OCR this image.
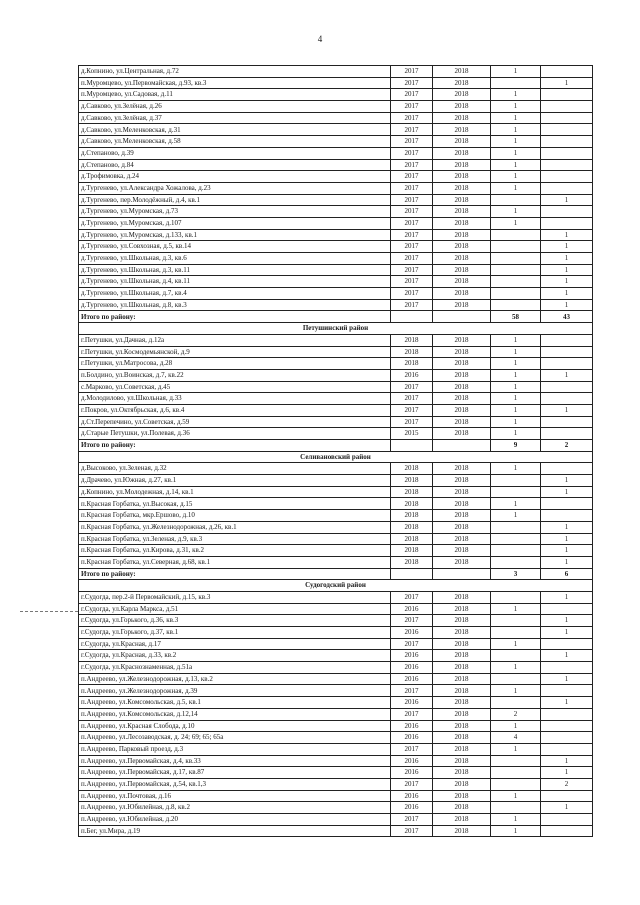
4
д.Копнино, ул.Центральная, д.72	2017	2018	1	
п.Муромцево, ул.Первомайская, д.93, кв.3	2017	2018		1
п.Муромцево, ул.Садовая, д.11	2017	2018	1	
д.Савково, ул.Зелёная, д.26	2017	2018	1	
д.Савково, ул.Зелёная, д.37	2017	2018	1	
д.Савково, ул.Меленковская, д.31	2017	2018	1	
д.Савково, ул.Меленковская, д.58	2017	2018	1	
д.Степаново, д.39	2017	2018	1	
д.Степаново, д.84	2017	2018	1	
д.Трофимовка, д.24	2017	2018	1	
д.Тургенево, ул.Александра Хожалова, д.23	2017	2018	1	
д.Тургенево, пер.Молодёжный, д.4, кв.1	2017	2018		1
д.Тургенево, ул.Муромская, д.73	2017	2018	1	
д.Тургенево, ул.Муромская, д.107	2017	2018	1	
д.Тургенево, ул.Муромская, д.133, кв.1	2017	2018		1
д.Тургенево, ул.Совхозная, д.5, кв.14	2017	2018		1
д.Тургенево, ул.Школьная, д.3, кв.6	2017	2018		1
д.Тургенево, ул.Школьная, д.3, кв.11	2017	2018		1
д.Тургенево, ул.Школьная, д.4, кв.11	2017	2018		1
д.Тургенево, ул.Школьная, д.7, кв.4	2017	2018		1
д.Тургенево, ул.Школьная, д.8, кв.3	2017	2018		1
Итого по району:			58	43
Петушинский район				
г.Петушки, ул.Дачная, д.12а	2018	2018	1	
г.Петушки, ул.Космодемьянской, д.9	2018	2018	1	
г.Петушки, ул.Матросова, д.28	2018	2018	1	
п.Болдино, ул.Воинская, д.7, кв.22	2016	2018	1	1
с.Марково, ул.Советская, д.45	2017	2018	1	
д.Молодилово, ул.Школьная, д.33	2017	2018	1	
г.Покров, ул.Октябрьская, д.6, кв.4	2017	2018	1	1
д.Ст.Перепечино, ул.Советская, д.59	2017	2018	1	
д.Старые Петушки, ул.Полевая, д.36	2015	2018	1	
Итого по району:			9	2
Селивановский район				
д.Высоково, ул.Зеленая, д.32	2018	2018	1	
д.Драчево, ул.Южная, д.27, кв.1	2018	2018		1
д.Копнино, ул.Молодежная, д.14, кв.1	2018	2018		1
п.Красная Горбатка, ул.Высокая, д.15	2018	2018	1	
п.Красная Горбатка, мкр.Ершово, д.10	2018	2018	1	
п.Красная Горбатка, ул.Железнодорожная, д.26, кв.1	2018	2018		1
п.Красная Горбатка, ул.Зеленая, д.9, кв.3	2018	2018		1
п.Красная Горбатка, ул.Кирова, д.31, кв.2	2018	2018		1
п.Красная Горбатка, ул.Северная, д.68, кв.1	2018	2018		1
Итого по району:			3	6
Судогодский район				
г.Судогда, пер.2-й Первомайский, д.15, кв.3	2017	2018		1
г.Судогда, ул.Карла Маркса, д.51	2016	2018	1	
г.Судогда, ул.Горького, д.36, кв.3	2017	2018		1
г.Судогда, ул.Горького, д.37, кв.1	2016	2018		1
г.Судогда, ул.Красная, д.17	2017	2018	1	
г.Судогда, ул.Красная, д.33, кв.2	2016	2018		1
г.Судогда, ул.Краснознаменная, д.51а	2016	2018	1	
п.Андреево, ул.Железнодорожная, д.13, кв.2	2016	2018		1
п.Андреево, ул.Железнодорожная, д.39	2017	2018	1	
п.Андреево, ул.Комсомольская, д.5, кв.1	2016	2018		1
п.Андреево, ул.Комсомольская, д.12,14	2017	2018	2	
п.Андреево, ул.Красная Слобода, д.10	2016	2018	1	
п.Андреево, ул.Лесозаводская, д. 24; 69; 65; 65а	2016	2018	4	
п.Андреево, Парковый проезд, д.3	2017	2018	1	
п.Андреево, ул.Первомайская, д.4, кв.33	2016	2018		1
п.Андреево, ул.Первомайская, д.17, кв.87	2016	2018		1
п.Андреево, ул.Первомайская, д.54, кв.1,3	2017	2018		2
п.Андреево, ул.Почтовая, д.16	2016	2018	1	
п.Андреево, ул.Юбилейная, д.8, кв.2	2016	2018		1
п.Андреево, ул.Юбилейная, д.20	2017	2018	1	
п.Бег, ул.Мира, д.19	2017	2018	1	
